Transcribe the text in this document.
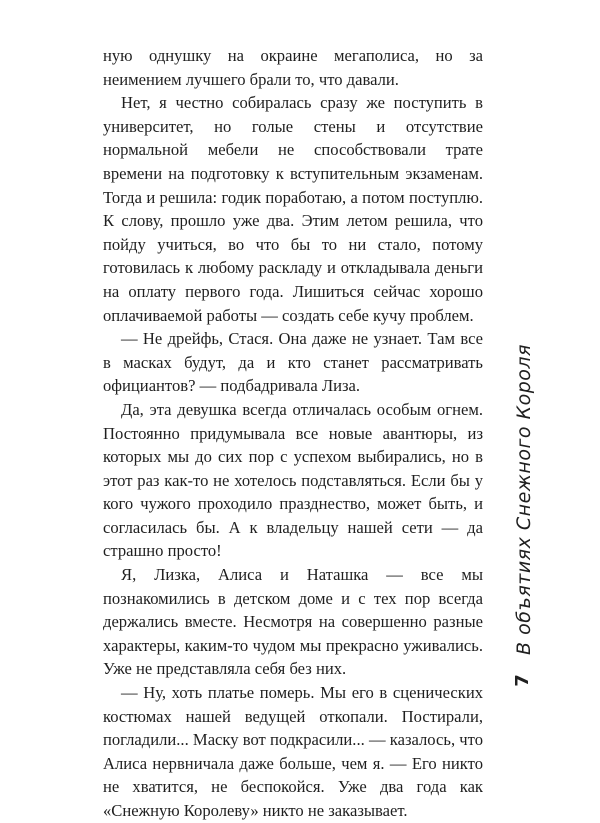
ную однушку на окраине мегаполиса, но за неимением лучшего брали то, что давали.

Нет, я честно собиралась сразу же поступить в университет, но голые стены и отсутствие нормальной мебели не способствовали трате времени на подготовку к вступительным экзаменам. Тогда и решила: годик поработаю, а потом поступлю. К слову, прошло уже два. Этим летом решила, что пойду учиться, во что бы то ни стало, потому готовилась к любому раскладу и откладывала деньги на оплату первого года. Лишиться сейчас хорошо оплачиваемой работы — создать себе кучу проблем.

— Не дрейфь, Стася. Она даже не узнает. Там все в масках будут, да и кто станет рассматривать официантов? — подбадривала Лиза.

Да, эта девушка всегда отличалась особым огнем. Постоянно придумывала все новые авантюры, из которых мы до сих пор с успехом выбирались, но в этот раз как-то не хотелось подставляться. Если бы у кого чужого проходило празднество, может быть, и согласилась бы. А к владельцу нашей сети — да страшно просто!

Я, Лизка, Алиса и Наташка — все мы познакомились в детском доме и с тех пор всегда держались вместе. Несмотря на совершенно разные характеры, каким-то чудом мы прекрасно уживались. Уже не представляла себя без них.

— Ну, хоть платье померь. Мы его в сценических костюмах нашей ведущей откопали. Постирали, погладили... Маску вот подкрасили... — казалось, что Алиса нервничала даже больше, чем я. — Его никто не хватится, не беспокойся. Уже два года как «Снежную Королеву» никто не заказывает.

В объятиях Снежного Короля
7
